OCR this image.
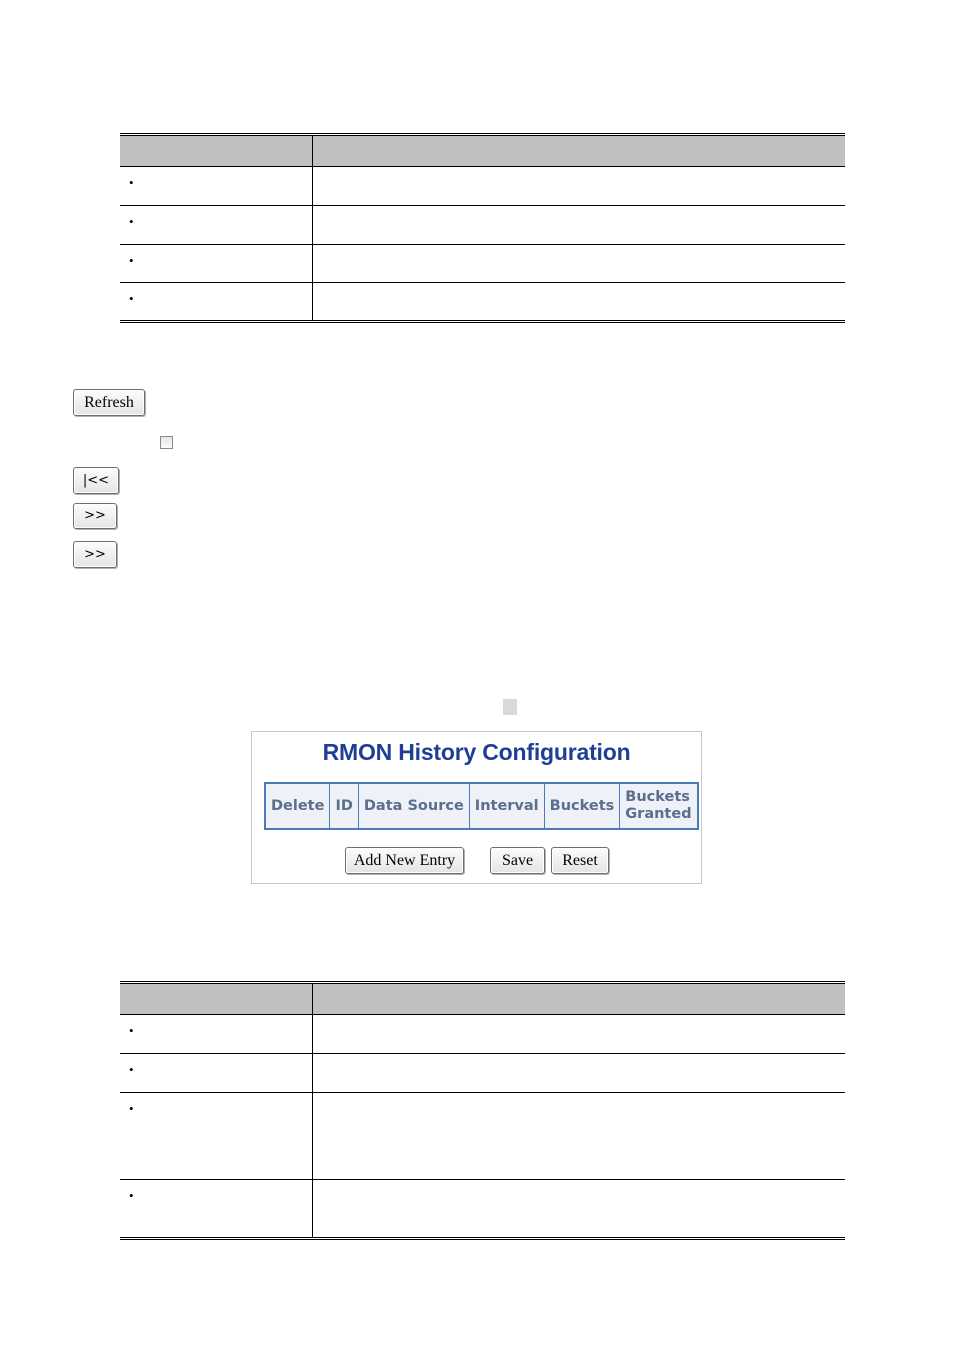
•	
•	
•	
•	
Refresh
|<<
>>
>>
RMON History Configuration
Delete	ID	Data Source	Interval	Buckets	Buckets Granted
Add New Entry	Save	Reset

•	
•	
•	
•	
